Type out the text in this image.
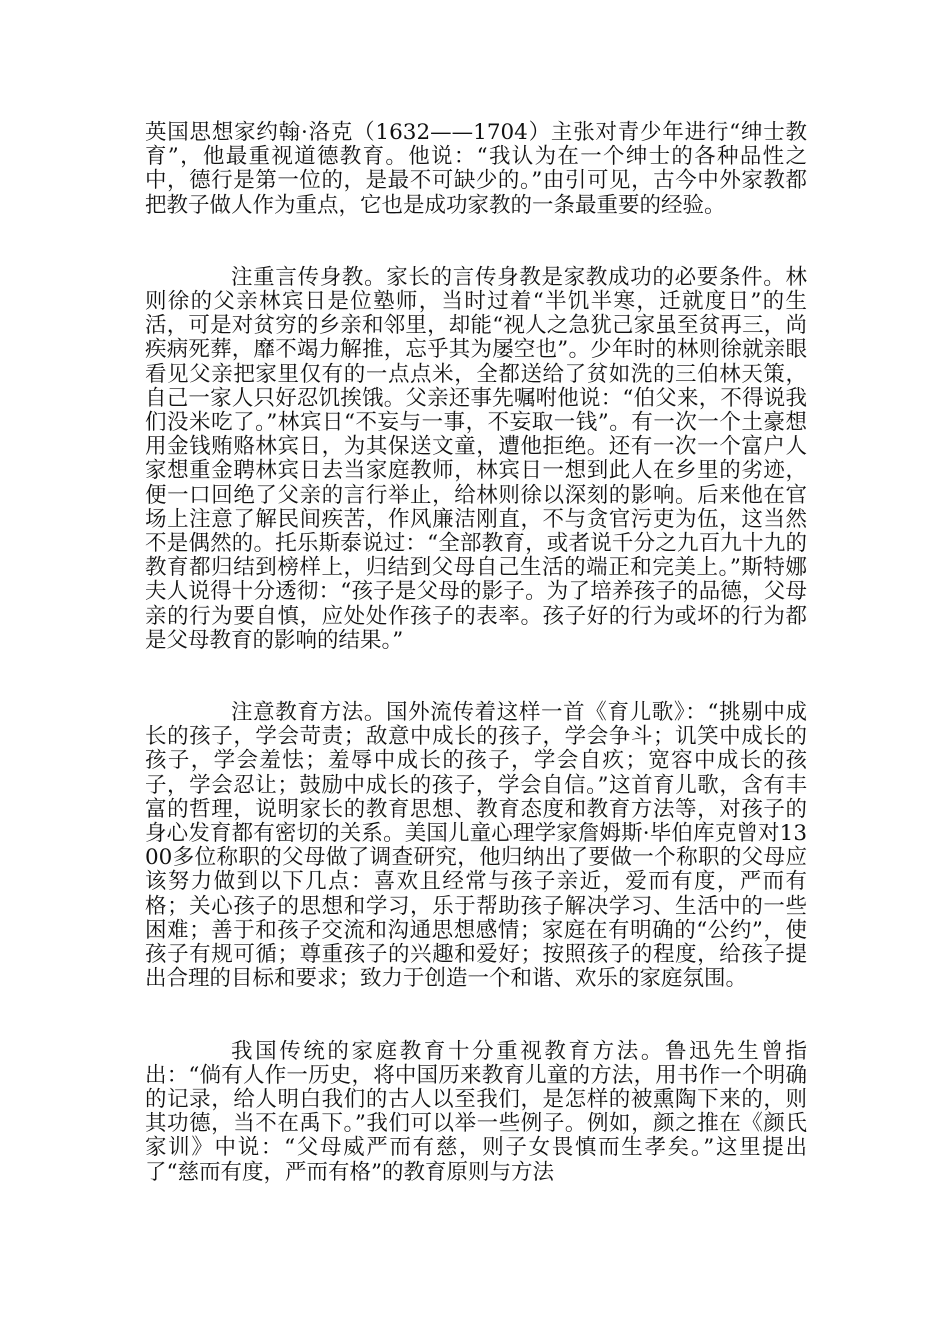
英国思想家约翰·洛克（1632——1704）主张对青少年进行“绅士教育”，他最重视道德教育。他说：“我认为在一个绅士的各种品性之中，德行是第一位的，是最不可缺少的。”由引可见，古今中外家教都把教子做人作为重点，它也是成功家教的一条最重要的经验。

注重言传身教。家长的言传身教是家教成功的必要条件。林则徐的父亲林宾日是位塾师，当时过着“半饥半寒，迁就度日”的生活，可是对贫穷的乡亲和邻里，却能“视人之急犹己家虽至贫再三，尚疾病死葬，靡不竭力解推，忘乎其为屡空也”。少年时的林则徐就亲眼看见父亲把家里仅有的一点点米，全都送给了贫如洗的三伯林天策，自己一家人只好忍饥挨饿。父亲还事先嘱咐他说：“伯父来，不得说我们没米吃了。”林宾日“不妄与一事，不妄取一钱”。有一次一个土豪想用金钱贿赂林宾日，为其保送文童，遭他拒绝。还有一次一个富户人家想重金聘林宾日去当家庭教师，林宾日一想到此人在乡里的劣迹，便一口回绝了父亲的言行举止，给林则徐以深刻的影响。后来他在官场上注意了解民间疾苦，作风廉洁刚直，不与贪官污吏为伍，这当然不是偶然的。托乐斯泰说过：“全部教育，或者说千分之九百九十九的教育都归结到榜样上，归结到父母自己生活的端正和完美上。”斯特娜夫人说得十分透彻：“孩子是父母的影子。为了培养孩子的品德，父母亲的行为要自慎，应处处作孩子的表率。孩子好的行为或坏的行为都是父母教育的影响的结果。”

注意教育方法。国外流传着这样一首《育儿歌》：“挑剔中成长的孩子，学会苛责；敌意中成长的孩子，学会争斗；讥笑中成长的孩子，学会羞怯；羞辱中成长的孩子，学会自疚；宽容中成长的孩子，学会忍让；鼓励中成长的孩子，学会自信。”这首育儿歌，含有丰富的哲理，说明家长的教育思想、教育态度和教育方法等，对孩子的身心发育都有密切的关系。美国儿童心理学家詹姆斯·毕伯库克曾对1300多位称职的父母做了调查研究，他归纳出了要做一个称职的父母应该努力做到以下几点：喜欢且经常与孩子亲近，爱而有度，严而有格；关心孩子的思想和学习，乐于帮助孩子解决学习、生活中的一些困难；善于和孩子交流和沟通思想感情；家庭在有明确的“公约”，使孩子有规可循；尊重孩子的兴趣和爱好；按照孩子的程度，给孩子提出合理的目标和要求；致力于创造一个和谐、欢乐的家庭氛围。

我国传统的家庭教育十分重视教育方法。鲁迅先生曾指出：“倘有人作一历史，将中国历来教育儿童的方法，用书作一个明确的记录，给人明白我们的古人以至我们，是怎样的被熏陶下来的，则其功德，当不在禹下。”我们可以举一些例子。例如，颜之推在《颜氏家训》中说：“父母威严而有慈，则子女畏慎而生孝矣。”这里提出了“慈而有度，严而有格”的教育原则与方法
